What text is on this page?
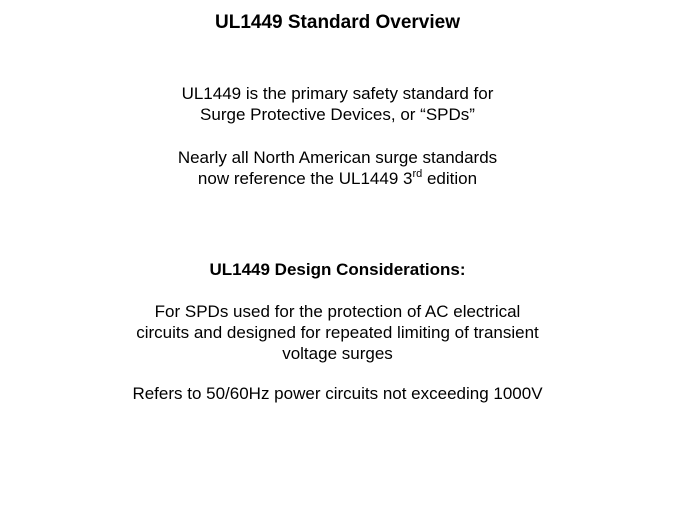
UL1449 Standard Overview
UL1449 is the primary safety standard for
Surge Protective Devices, or “SPDs”
Nearly all North American surge standards
now reference the UL1449 3rd edition
UL1449 Design Considerations:
For SPDs used for the protection of AC electrical
circuits and designed for repeated limiting of transient
voltage surges
Refers to 50/60Hz power circuits not exceeding 1000V
